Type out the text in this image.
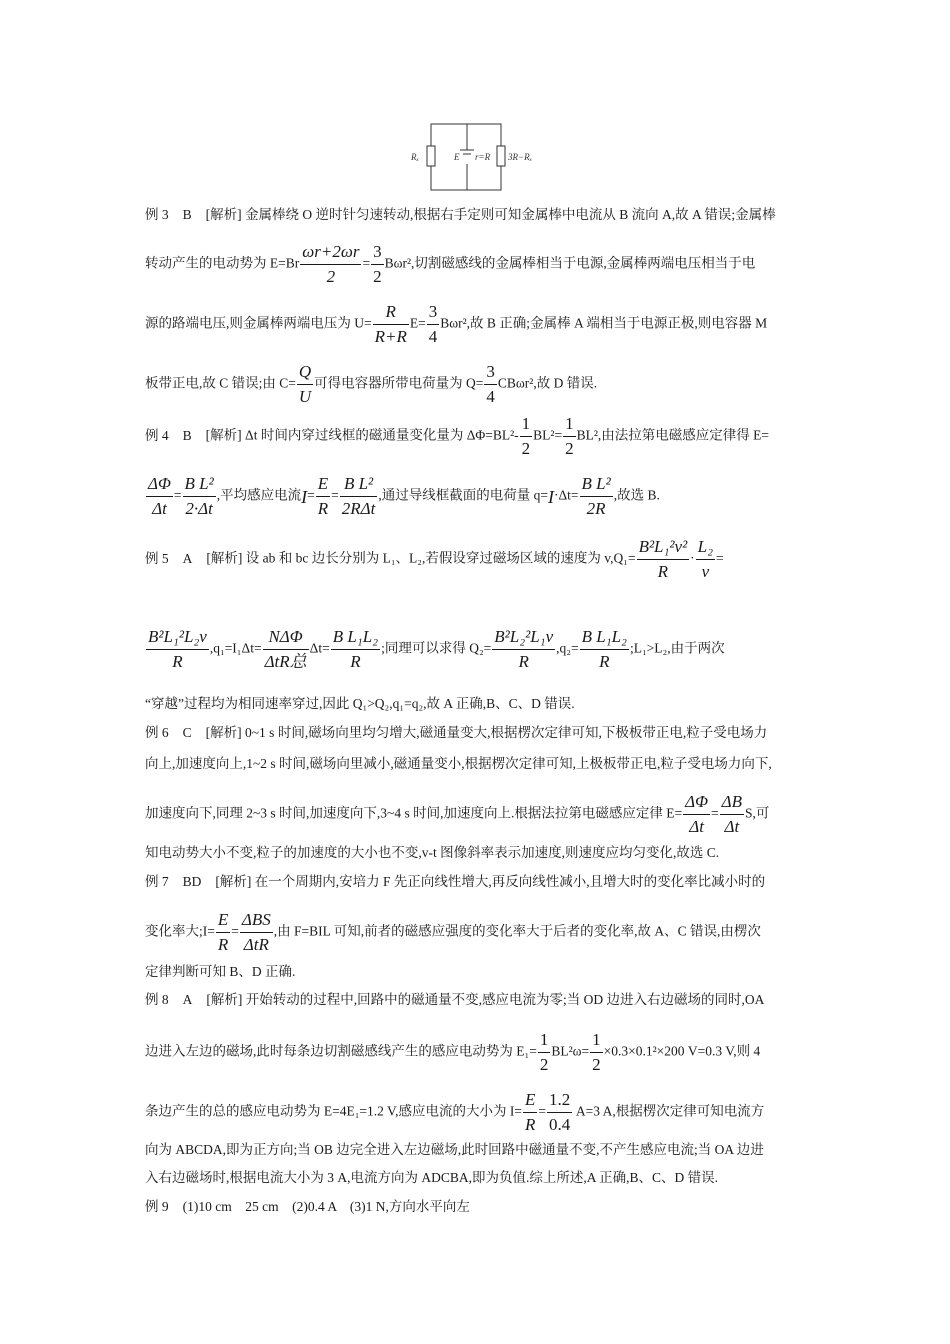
Rₓ	E r=R 3R−Rₓ
例 3 B [解析] 金属棒绕 O 逆时针匀速转动,根据右手定则可知金属棒中电流从 B 流向 A,故 A 错误;金属棒
转动产生的电动势为 $E=Br \frac{\omega r+2\omega r}{2} = \frac{3}{2} B\omega r^2$,切割磁感线的金属棒相当于电源,金属棒两端电压相当于电
源的路端电压,则金属棒两端电压为 $U= \frac{R}{R+R} E= \frac{3}{4} B\omega r^2$,故 B 正确;金属棒 A 端相当于电源正极,则电容器 M
板带正电,故 C 错误;由 $C= \frac{Q}{U}$ 可得电容器所带电荷量为 $Q= \frac{3}{4} CB\omega r^2$,故 D 错误.
例 4 B [解析] Δt 时间内穿过线框的磁通量变化量为 $\Delta\Phi=BL^2- \frac{1}{2} BL^2= \frac{1}{2} BL^2$,由法拉第电磁感应定律得 E=
$\frac{\Delta\Phi}{\Delta t} = \frac{\text{B L²}}{2\cdot\Delta t}$ ,平均感应电流$I= \frac{E}{R}$ =
B L²
2RΔt
,通过导线框截面的电荷量 $q=I\cdot\Delta t= \frac{\text{B L²}}{2R}$ ,故选 B.
例 5 A [解析] 设 ab 和 bc 边长分别为 L₁、L₂,若假设穿过磁场区域的速度为 $v,Q_1= \frac{\text{B²L₁²v²}}{R} \cdot \frac{\text{L₂}}{v}$ =
$\frac{\text{B²L₁²L₂v}}{R} ,q_1=I_1\Delta t=$
NΔΦ
ΔtR总
$\Delta t= \frac{\text{B L₁L₂}}{R}$ ;同理可以求得 $Q_2= \frac{\text{B²L₂²L₁v}}{R} ,q_2= \frac{\text{B L₁L₂}}{R}$ ;L₁>L₂,由于两次
“穿越”过程均为相同速率穿过,因此 Q₁>Q₂,q₁=q₂,故 A 正确,B、C、D 错误.
例 6 C [解析] 0~1 s 时间,磁场向里均匀增大,磁通量变大,根据楞次定律可知,下极板带正电,粒子受电场力
向上,加速度向上,1~2 s 时间,磁场向里减小,磁通量变小,根据楞次定律可知,上极板带正电,粒子受电场力向下,
加速度向下,同理 2~3 s 时间,加速度向下,3~4 s 时间,加速度向上.根据法拉第电磁感应定律 $E= \frac{\Delta\Phi}{\Delta t} = \frac{\Delta B}{\Delta t} S$,可
知电动势大小不变,粒子的加速度的大小也不变,v-t 图像斜率表示加速度,则速度应均匀变化,故选 C.
例 7 BD [解析] 在一个周期内,安培力 F 先正向线性增大,再反向线性减小,且增大时的变化率比减小时的
变化率大;I= $\frac{E}{R}$ =
ΔBS
ΔtR
,由 F=BIL 可知,前者的磁感应强度的变化率大于后者的变化率,故 A、C 错误,由楞次
定律判断可知 B、D 正确.
例 8 A [解析] 开始转动的过程中,回路中的磁通量不变,感应电流为零;当 OD 边进入右边磁场的同时,OA
边进入左边的磁场,此时每条边切割磁感线产生的感应电动势为 $E_1= \frac{1}{2} BL^2\omega= \frac{1}{2} \times 0.3\times 0.1^2\times 200$ V=0.3 V,则 4
条边产生的总的感应电动势为 E=4E₁=1.2 V,感应电流的大小为 $I= \frac{E}{R} = \frac{1.2}{0.4} A=3$ A,根据楞次定律可知电流方
向为 ABCDA,即为正方向;当 OB 边完全进入左边磁场,此时回路中磁通量不变,不产生感应电流;当 OA 边进
入右边磁场时,根据电流大小为 3 A,电流方向为 ADCBA,即为负值.综上所述,A 正确,B、C、D 错误.
例 9 (1)10 cm　25 cm　(2)0.4 A　(3)1 N,方向水平向左
